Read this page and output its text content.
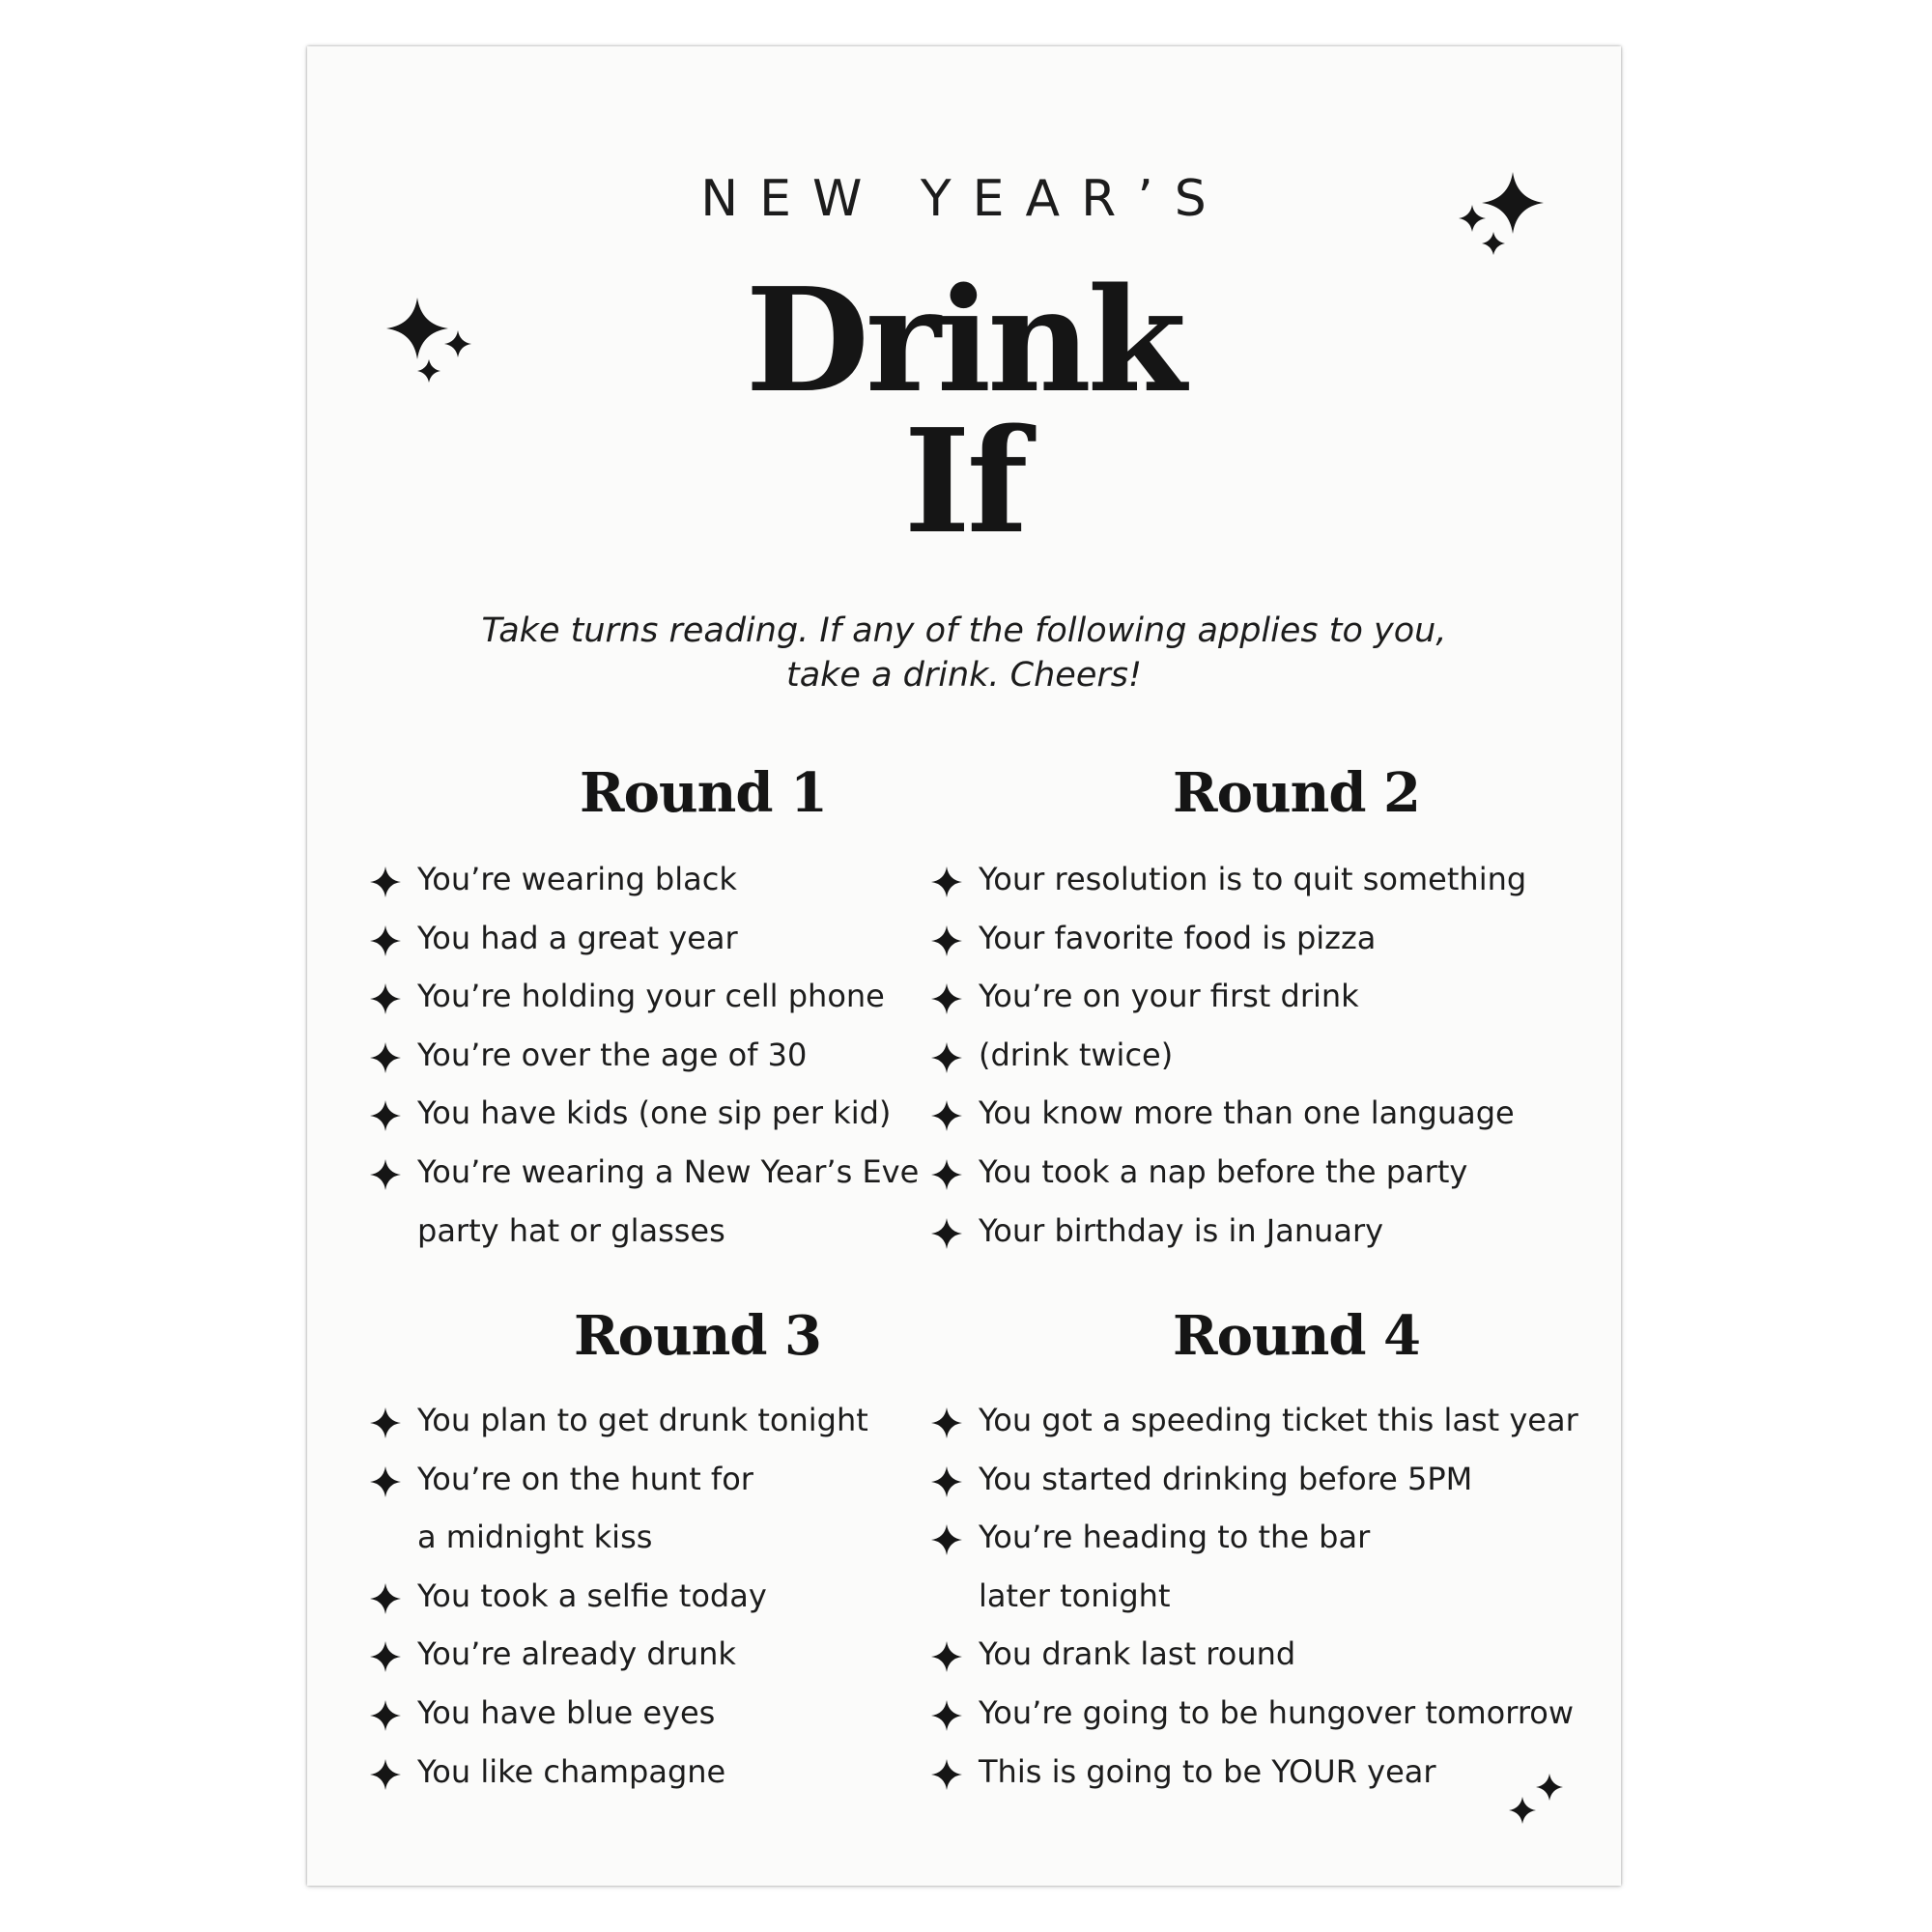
NEW YEAR’S
Drink
If
Take turns reading. If any of the following applies to you,
take a drink. Cheers!
Round 1	Round 2
Round 3	Round 4
You’re wearing black
You had a great year
You’re holding your cell phone
You’re over the age of 30
You have kids (one sip per kid)
You’re wearing a New Year’s Eve
party hat or glasses
Your resolution is to quit something
Your favorite food is pizza
You’re on your first drink
(drink twice)
You know more than one language
You took a nap before the party
Your birthday is in January
You plan to get drunk tonight
You’re on the hunt for
a midnight kiss
You took a selfie today
You’re already drunk
You have blue eyes
You like champagne
You got a speeding ticket this last year
You started drinking before 5PM
You’re heading to the bar
later tonight
You drank last round
You’re going to be hungover tomorrow
This is going to be YOUR year
